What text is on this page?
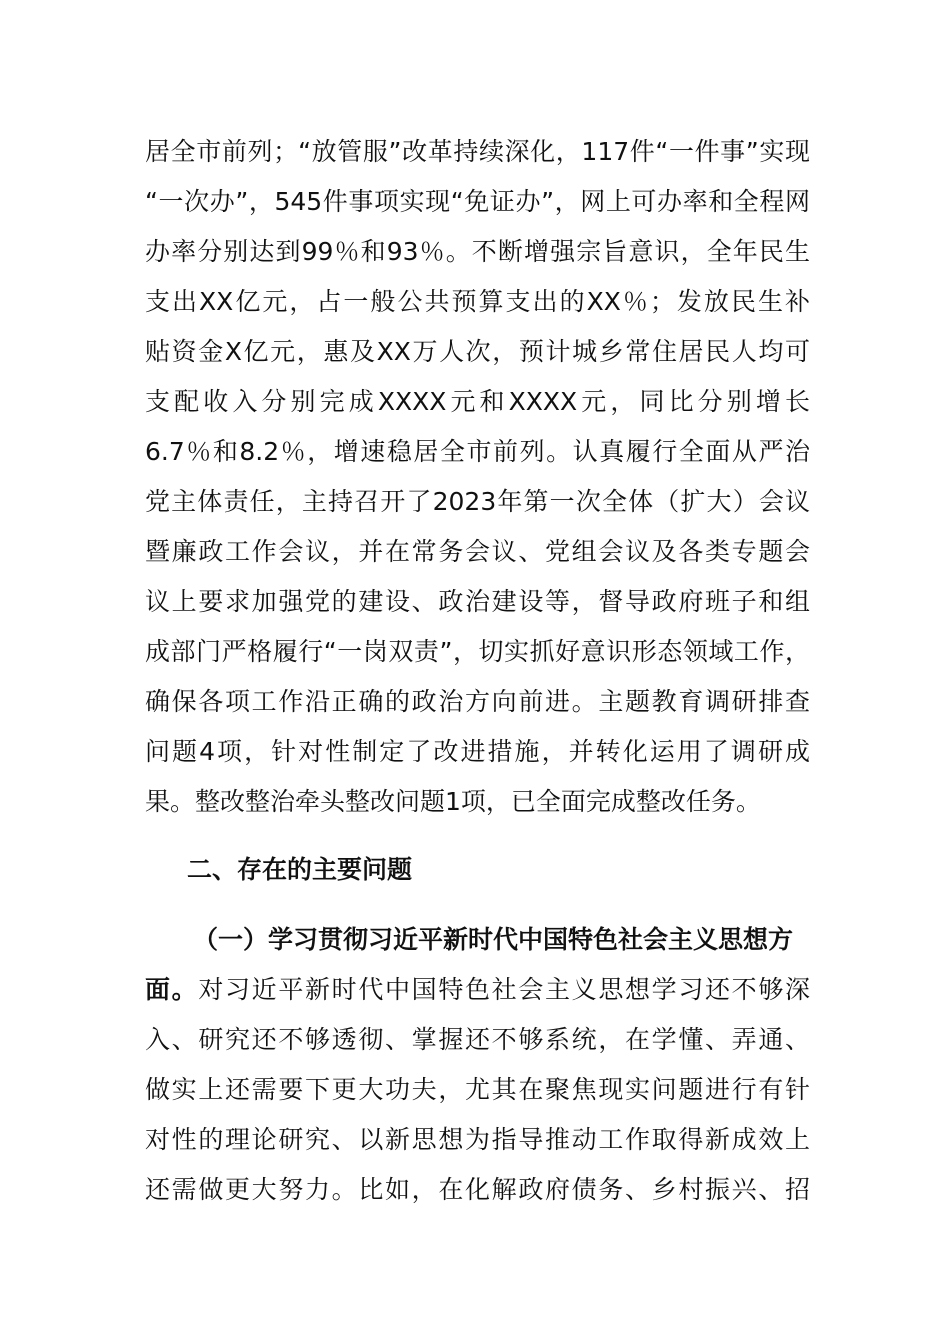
居全市前列；“放管服”改革持续深化，117件“一件事”实现
“一次办”，545件事项实现“免证办”，网上可办率和全程网
办率分别达到99％和93％。不断增强宗旨意识，全年民生
支出XX亿元，占一般公共预算支出的XX％；发放民生补
贴资金X亿元，惠及XX万人次，预计城乡常住居民人均可
支配收入分别完成XXXX元和XXXX元，同比分别增长
6.7％和8.2％，增速稳居全市前列。认真履行全面从严治
党主体责任，主持召开了2023年第一次全体（扩大）会议
暨廉政工作会议，并在常务会议、党组会议及各类专题会
议上要求加强党的建设、政治建设等，督导政府班子和组
成部门严格履行“一岗双责”，切实抓好意识形态领域工作，
确保各项工作沿正确的政治方向前进。主题教育调研排查
问题4项，针对性制定了改进措施，并转化运用了调研成
果。整改整治牵头整改问题1项，已全面完成整改任务。
二、存在的主要问题
（一）学习贯彻习近平新时代中国特色社会主义思想方
面。对习近平新时代中国特色社会主义思想学习还不够深
入、研究还不够透彻、掌握还不够系统，在学懂、弄通、
做实上还需要下更大功夫，尤其在聚焦现实问题进行有针
对性的理论研究、以新思想为指导推动工作取得新成效上
还需做更大努力。比如，在化解政府债务、乡村振兴、招
